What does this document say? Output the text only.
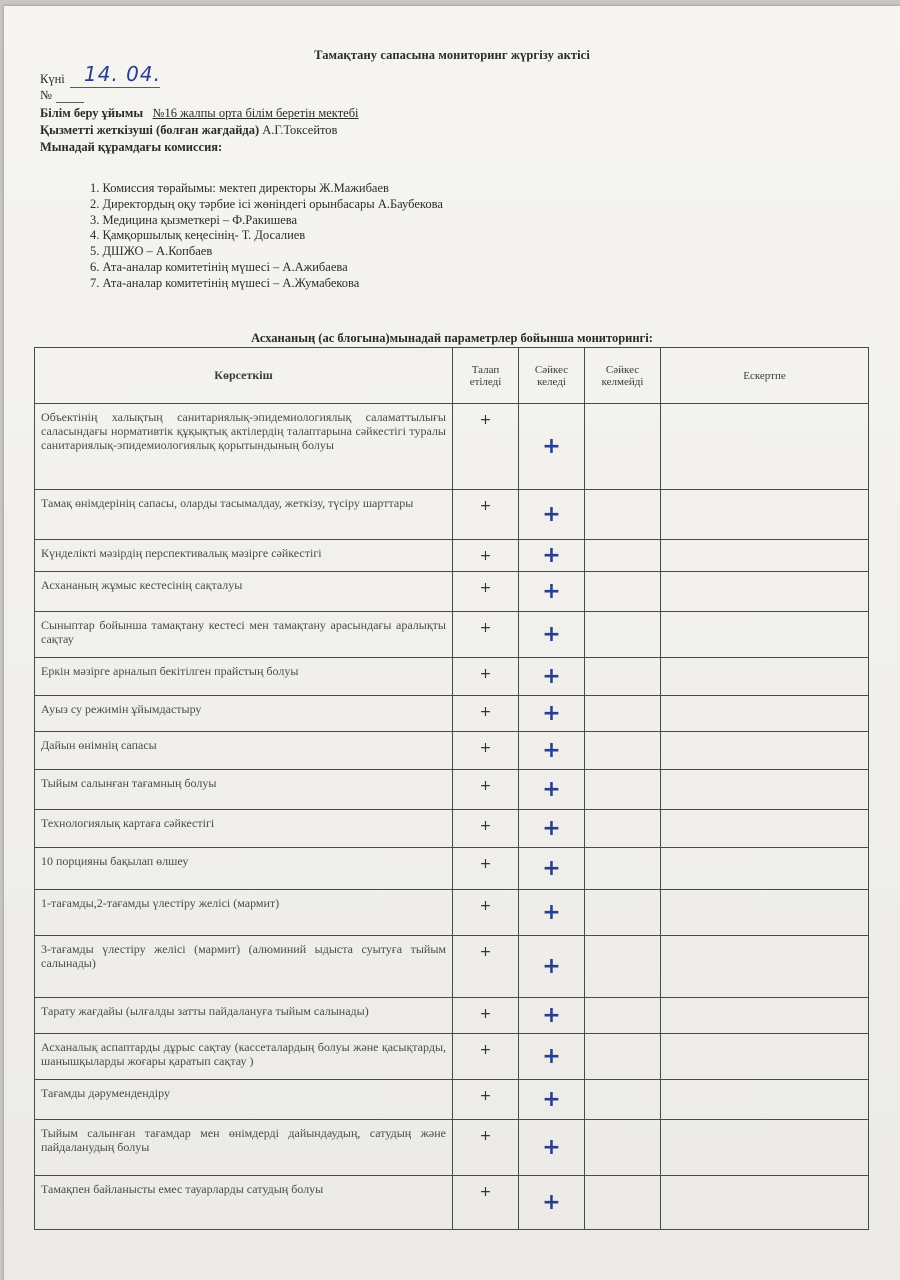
Тамақтану сапасына мониторинг жүргізу актісі
Күні 14. 04.
№
Білім беру ұйымы №16 жалпы орта білім беретін мектебі
Қызметті жеткізуші (болған жағдайда) А.Г.Токсейтов
Мынадай құрамдағы комиссия:
1. Комиссия төрайымы: мектеп директоры Ж.Мажибаев
2. Директордың оқу тәрбие ісі жөніндегі орынбасары А.Баубекова
3. Медицина қызметкері – Ф.Ракишева
4. Қамқоршылық кеңесінің- Т. Досалиев
5. ДШЖО – А.Копбаев
6. Ата-аналар комитетінің мүшесі – А.Ажибаева
7. Ата-аналар комитетінің мүшесі – А.Жумабекова
Асхананың (ас блогына)мынадай параметрлер бойынша мониторингі:
Көрсеткіш	Талап етіледі	Сәйкес келеді	Сәйкес келмейді	Ескертпе
Объектінің халықтың санитариялық-эпидемиологиялық саламаттылығы саласындағы нормативтік құқықтық актілердің талаптарына сәйкестігі туралы санитариялық-эпидемиологиялық қорытындының болуы	+	+		
Тамақ өнімдерінің сапасы, оларды тасымалдау, жеткізу, түсіру шарттары	+	+		
Күнделікті мәзірдің перспективалық мәзірге сәйкестігі	+	+		
Асхананың жұмыс кестесінің сақталуы	+	+		
Сыныптар бойынша тамақтану кестесі мен тамақтану арасындағы аралықты сақтау	+	+		
Еркін мәзірге арналып бекітілген прайстың болуы	+	+		
Ауыз су режимін ұйымдастыру	+	+		
Дайын өнімнің сапасы	+	+		
Тыйым салынған тағамның болуы	+	+		
Технологиялық картаға сәйкестігі	+	+		
10 порцияны бақылап өлшеу	+	+		
1-тағамды,2-тағамды үлестіру желісі (мармит)	+	+		
3-тағамды үлестіру желісі (мармит) (алюминий ыдыста суытуға тыйым салынады)	+	+		
Тарату жағдайы (ылғалды затты пайдалануға тыйым салынады)	+	+		
Асханалық аспаптарды дұрыс сақтау (кассеталардың болуы және қасықтарды, шанышқыларды жоғары қаратып сақтау )	+	+		
Тағамды дәрумендендіру	+	+		
Тыйым салынған тағамдар мен өнімдерді дайындаудың, сатудың және пайдаланудың болуы	+	+		
Тамақпен байланысты емес тауарларды сатудың болуы	+	+		
